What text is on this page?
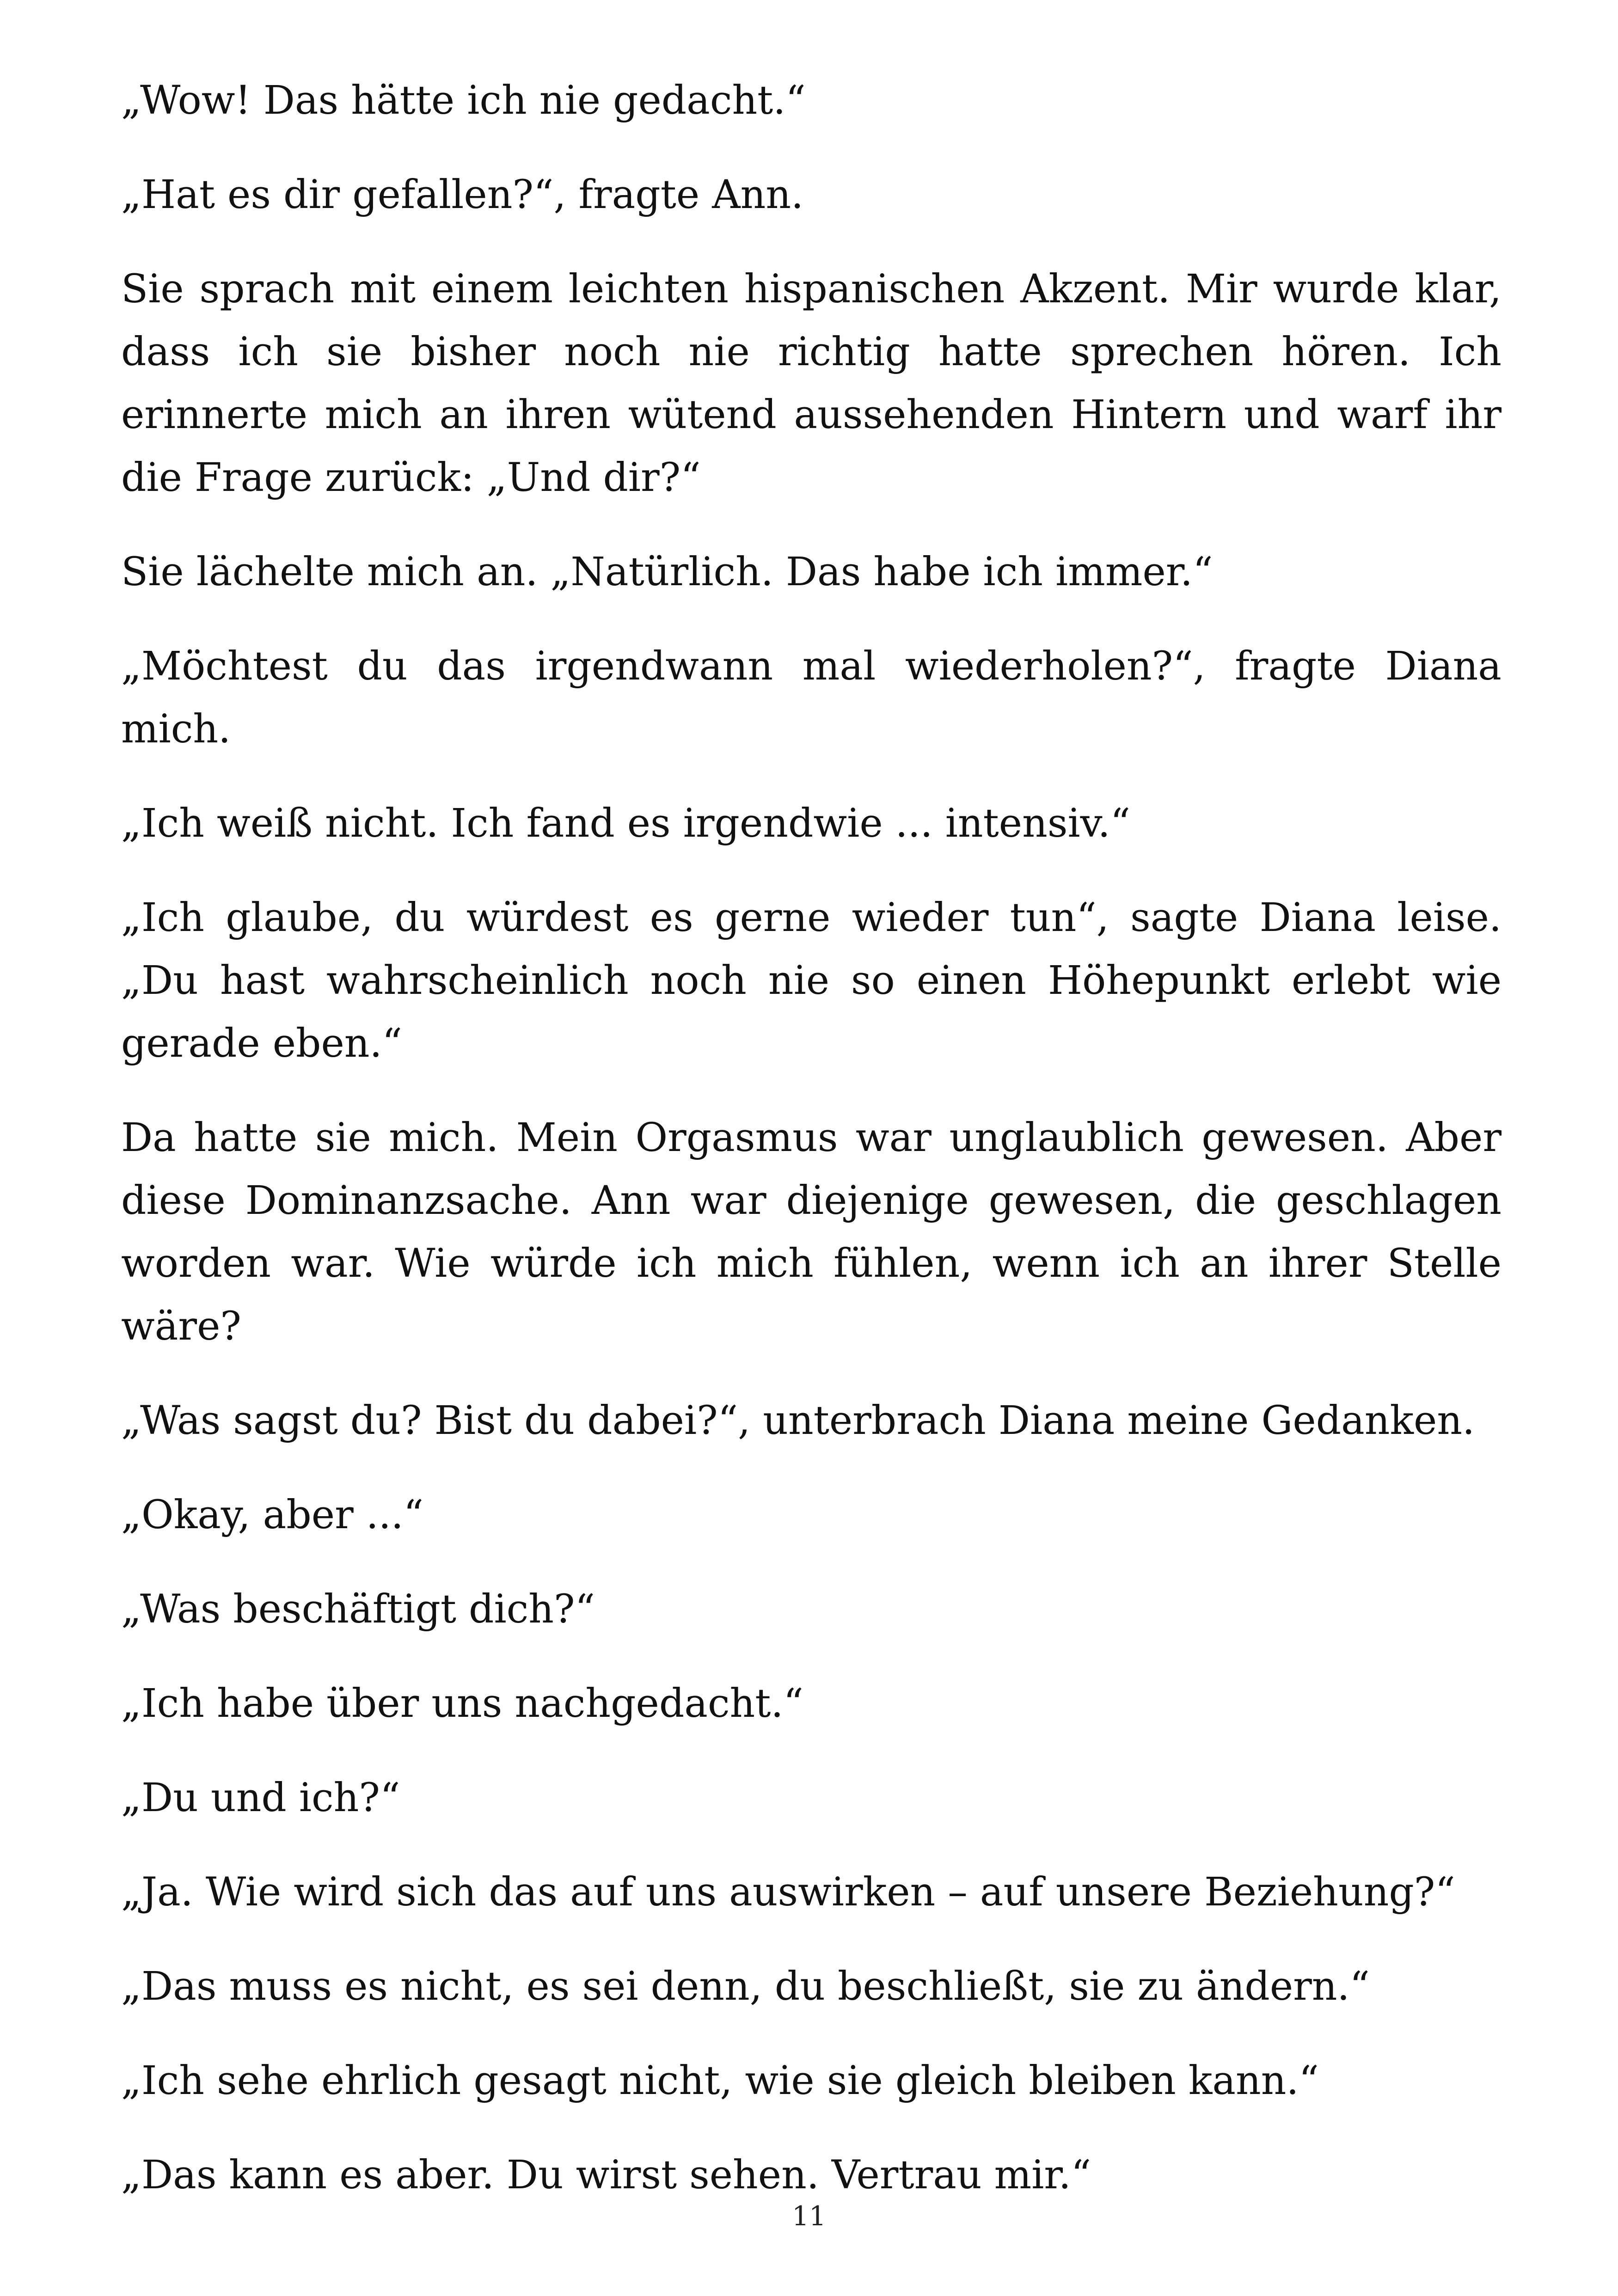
„Wow! Das hätte ich nie gedacht.“

„Hat es dir gefallen?“, fragte Ann.

Sie sprach mit einem leichten hispanischen Akzent. Mir wurde klar, dass ich sie bisher noch nie richtig hatte sprechen hören. Ich erinnerte mich an ihren wütend aussehenden Hintern und warf ihr die Frage zurück: „Und dir?“

Sie lächelte mich an. „Natürlich. Das habe ich immer.“

„Möchtest du das irgendwann mal wiederholen?“, fragte Diana mich.

„Ich weiß nicht. Ich fand es irgendwie ... intensiv.“

„Ich glaube, du würdest es gerne wieder tun“, sagte Diana leise. „Du hast wahrscheinlich noch nie so einen Höhepunkt erlebt wie gerade eben.“

Da hatte sie mich. Mein Orgasmus war unglaublich gewesen. Aber diese Dominanzsache. Ann war diejenige gewesen, die geschlagen worden war. Wie würde ich mich fühlen, wenn ich an ihrer Stelle wäre?

„Was sagst du? Bist du dabei?“, unterbrach Diana meine Gedanken.

„Okay, aber ...“

„Was beschäftigt dich?“

„Ich habe über uns nachgedacht.“

„Du und ich?“

„Ja. Wie wird sich das auf uns auswirken – auf unsere Beziehung?“

„Das muss es nicht, es sei denn, du beschließt, sie zu ändern.“

„Ich sehe ehrlich gesagt nicht, wie sie gleich bleiben kann.“

„Das kann es aber. Du wirst sehen. Vertrau mir.“

11
